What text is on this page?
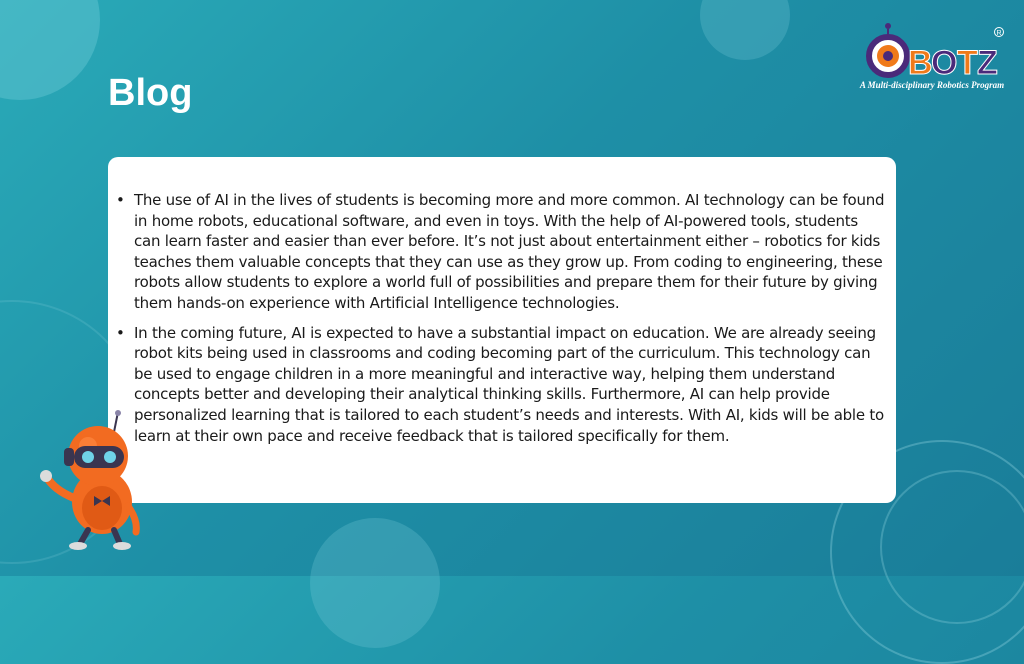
Blog
B
O T Z
R
A Multi-disciplinary Robotics Program
• The use of AI in the lives of students is becoming more and more common. AI technology can be found in home robots, educational software, and even in toys. With the help of AI-powered tools, students can learn faster and easier than ever before. It’s not just about entertainment either – robotics for kids teaches them valuable concepts that they can use as they grow up. From coding to engineering, these robots allow students to explore a world full of possibilities and prepare them for their future by giving them hands-on experience with Artificial Intelligence technologies.
• In the coming future, AI is expected to have a substantial impact on education. We are already seeing robot kits being used in classrooms and coding becoming part of the curriculum. This technology can be used to engage children in a more meaningful and interactive way, helping them understand concepts better and developing their analytical thinking skills. Furthermore, AI can help provide personalized learning that is tailored to each student’s needs and interests. With AI, kids will be able to learn at their own pace and receive feedback that is tailored specifically for them.
